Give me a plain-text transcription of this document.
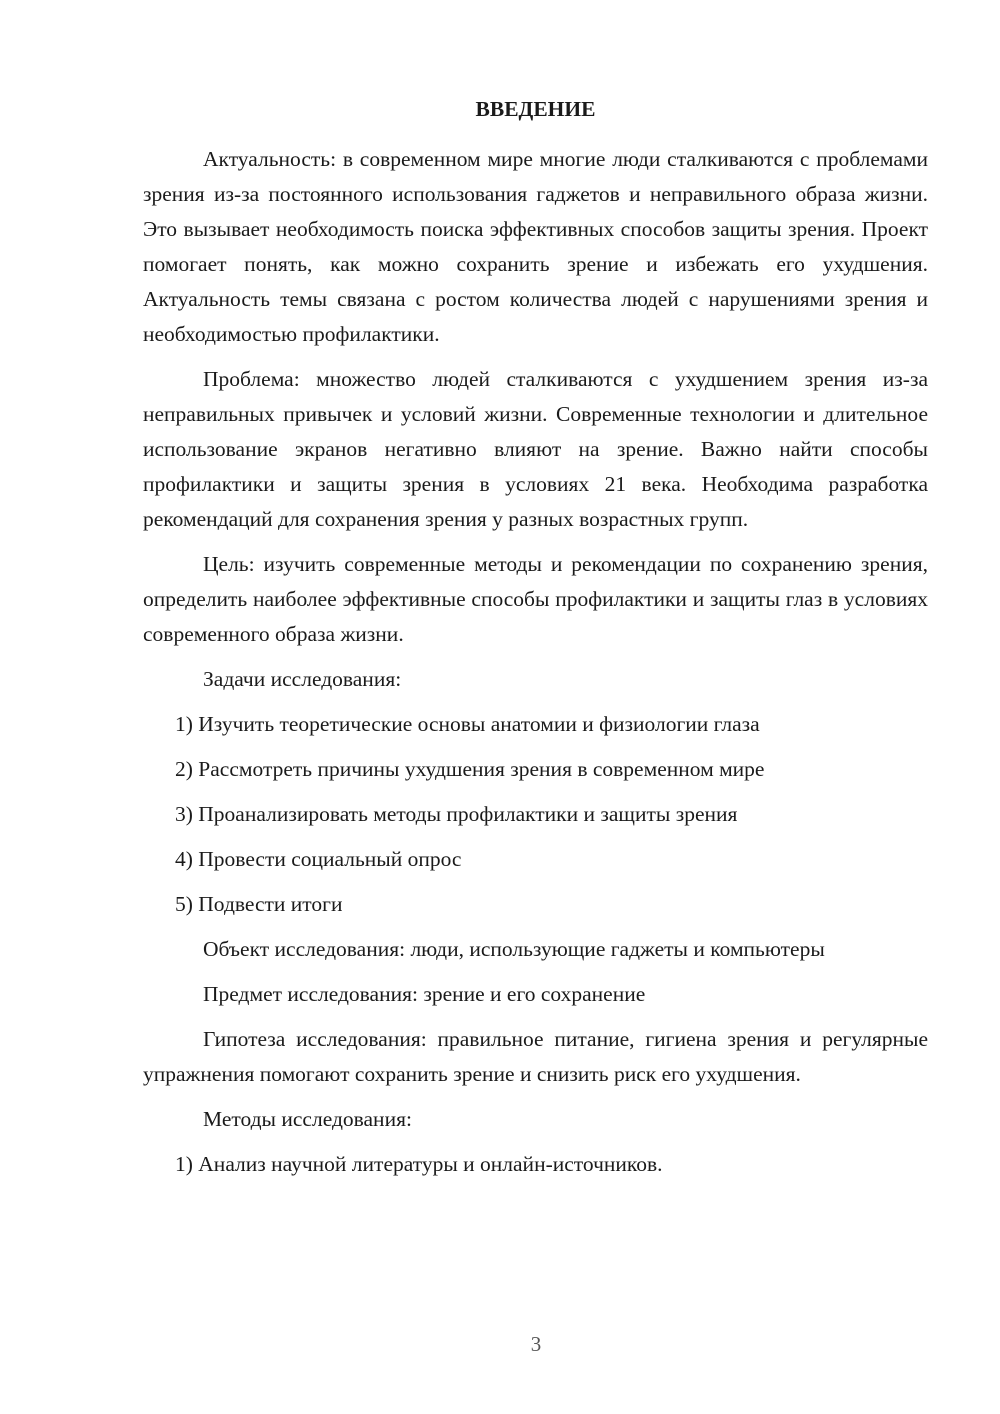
ВВЕДЕНИЕ

Актуальность: в современном мире многие люди сталкиваются с проблемами зрения из-за постоянного использования гаджетов и неправильного образа жизни. Это вызывает необходимость поиска эффективных способов защиты зрения. Проект помогает понять, как можно сохранить зрение и избежать его ухудшения. Актуальность темы связана с ростом количества людей с нарушениями зрения и необходимостью профилактики.

Проблема: множество людей сталкиваются с ухудшением зрения из-за неправильных привычек и условий жизни. Современные технологии и длительное использование экранов негативно влияют на зрение. Важно найти способы профилактики и защиты зрения в условиях 21 века. Необходима разработка рекомендаций для сохранения зрения у разных возрастных групп.

Цель: изучить современные методы и рекомендации по сохранению зрения, определить наиболее эффективные способы профилактики и защиты глаз в условиях современного образа жизни.

Задачи исследования:
1) Изучить теоретические основы анатомии и физиологии глаза
2) Рассмотреть причины ухудшения зрения в современном мире
3) Проанализировать методы профилактики и защиты зрения
4) Провести социальный опрос
5) Подвести итоги
Объект исследования: люди, использующие гаджеты и компьютеры
Предмет исследования: зрение и его сохранение

Гипотеза исследования: правильное питание, гигиена зрения и регулярные упражнения помогают сохранить зрение и снизить риск его ухудшения.

Методы исследования:
1) Анализ научной литературы и онлайн-источников.
3
